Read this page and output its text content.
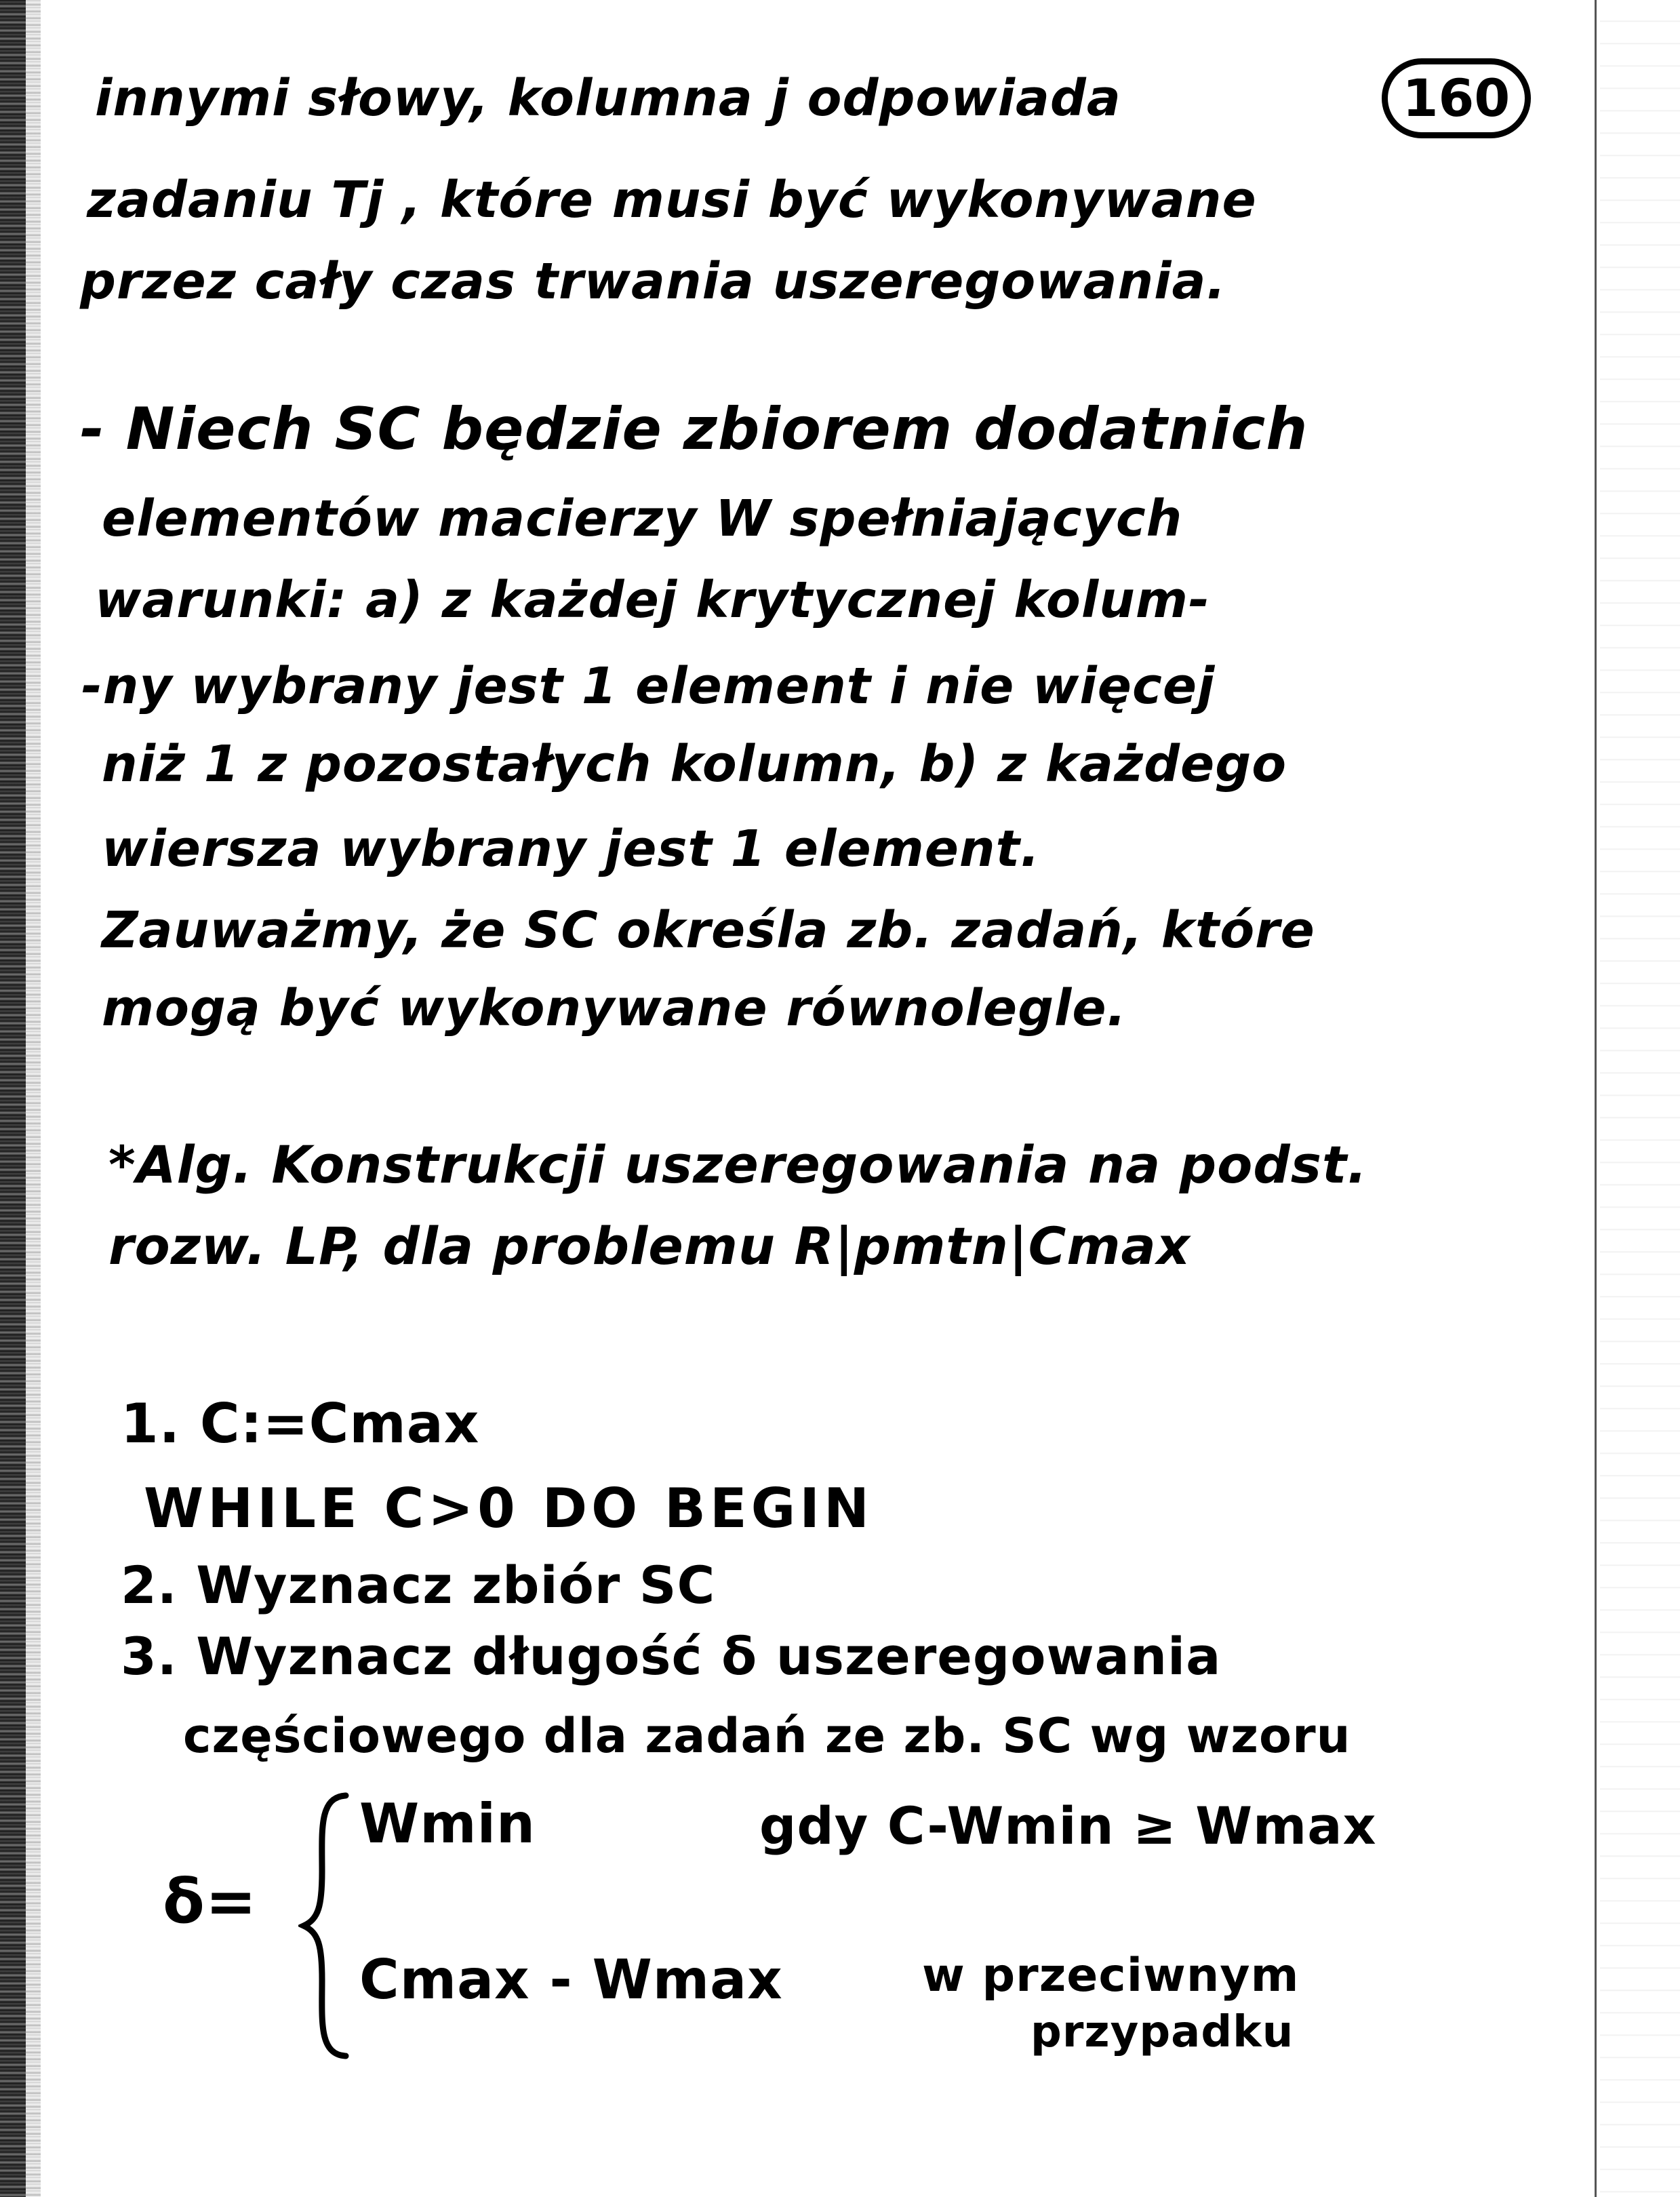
160
innymi słowy, kolumna j odpowiada
zadaniu Tj , które musi być wykonywane
przez cały czas trwania uszeregowania.
- Niech SC będzie zbiorem dodatnich
elementów macierzy W spełniających
warunki: a) z każdej krytycznej kolum-
-ny wybrany jest 1 element i nie więcej
niż 1 z pozostałych kolumn, b) z każdego
wiersza wybrany jest 1 element.
Zauważmy, że SC określa zb. zadań, które
mogą być wykonywane równolegle.
*Alg. Konstrukcji uszeregowania na podst.
rozw. LP, dla problemu R|pmtn|Cmax
1. C:=Cmax
WHILE C>0 DO BEGIN
2. Wyznacz zbiór SC
3. Wyznacz długość δ uszeregowania
częściowego dla zadań ze zb. SC wg wzoru
δ=
Wmin	gdy C-Wmin ≥ Wmax
Cmax - Wmax	w przeciwnym
przypadku
